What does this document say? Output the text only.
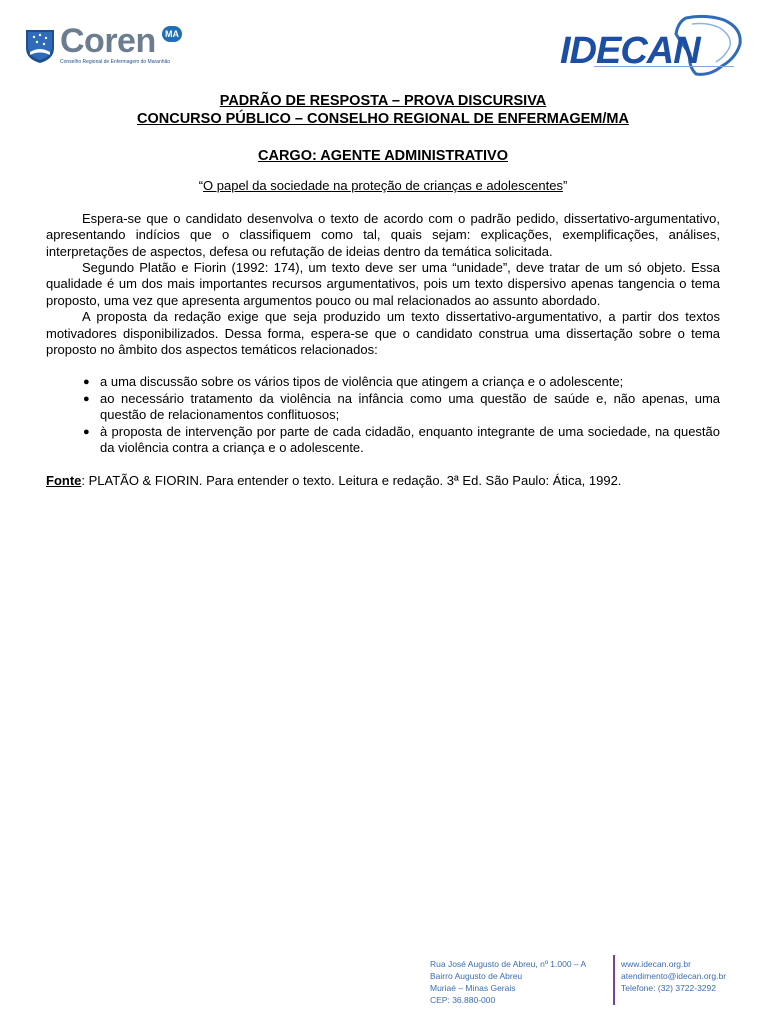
Coren	MA
Conselho Regional de Enfermagem do Maranhão	IDECAN

PADRÃO DE RESPOSTA – PROVA DISCURSIVA

CONCURSO PÚBLICO – CONSELHO REGIONAL DE ENFERMAGEM/MA

CARGO: AGENTE ADMINISTRATIVO

“O papel da sociedade na proteção de crianças e adolescentes”

Espera-se que o candidato desenvolva o texto de acordo com o padrão pedido, dissertativo-argumentativo, apresentando indícios que o classifiquem como tal, quais sejam: explicações, exemplificações, análises, interpretações de aspectos, defesa ou refutação de ideias dentro da temática solicitada.

Segundo Platão e Fiorin (1992: 174), um texto deve ser uma “unidade”, deve tratar de um só objeto. Essa qualidade é um dos mais importantes recursos argumentativos, pois um texto dispersivo apenas tangencia o tema proposto, uma vez que apresenta argumentos pouco ou mal relacionados ao assunto abordado.

A proposta da redação exige que seja produzido um texto dissertativo-argumentativo, a partir dos textos motivadores disponibilizados. Dessa forma, espera-se que o candidato construa uma dissertação sobre o tema proposto no âmbito dos aspectos temáticos relacionados:

● a uma discussão sobre os vários tipos de violência que atingem a criança e o adolescente;
● ao necessário tratamento da violência na infância como uma questão de saúde e, não apenas, uma questão de relacionamentos conflituosos;
● à proposta de intervenção por parte de cada cidadão, enquanto integrante de uma sociedade, na questão da violência contra a criança e o adolescente.

Fonte: PLATÃO & FIORIN. Para entender o texto. Leitura e redação. 3ª Ed. São Paulo: Ática, 1992.

Rua José Augusto de Abreu, nº 1.000 – A
Bairro Augusto de Abreu
Muriaé – Minas Gerais
CEP: 36.880-000
www.idecan.org.br
atendimento@idecan.org.br
Telefone: (32) 3722-3292
